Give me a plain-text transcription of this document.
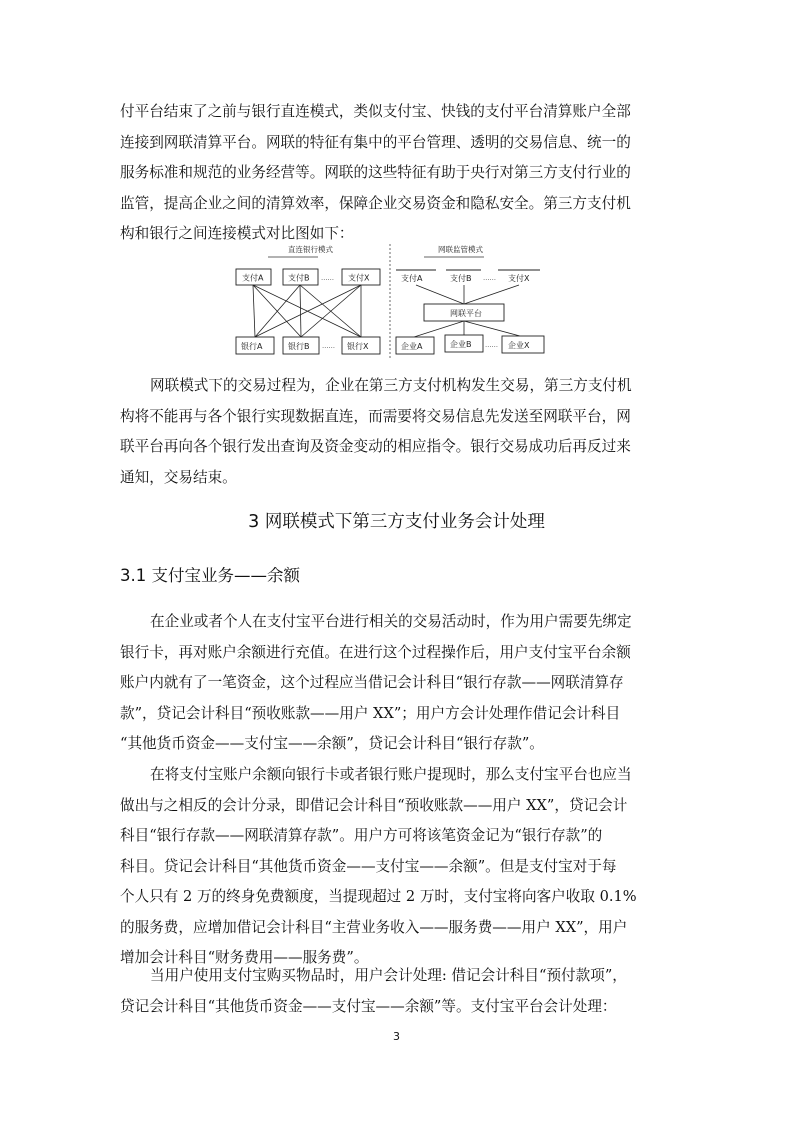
付平台结束了之前与银行直连模式，类似支付宝、快钱的支付平台清算账户全部
连接到网联清算平台。网联的特征有集中的平台管理、透明的交易信息、统一的
服务标准和规范的业务经营等。网联的这些特征有助于央行对第三方支付行业的
监管，提高企业之间的清算效率，保障企业交易资金和隐私安全。第三方支付机
构和银行之间连接模式对比图如下：

直连银行模式
支付A	支付B	支付X
……
银行A	银行B	银行X
……
网联监管模式
支付A	支付B	支付X
……
网联平台
企业A	企业B	企业X
……

网联模式下的交易过程为，企业在第三方支付机构发生交易，第三方支付机
构将不能再与各个银行实现数据直连，而需要将交易信息先发送至网联平台，网
联平台再向各个银行发出查询及资金变动的相应指令。银行交易成功后再反过来
通知，交易结束。

3 网联模式下第三方支付业务会计处理
3.1 支付宝业务——余额

在企业或者个人在支付宝平台进行相关的交易活动时，作为用户需要先绑定
银行卡，再对账户余额进行充值。在进行这个过程操作后，用户支付宝平台余额
账户内就有了一笔资金，这个过程应当借记会计科目“银行存款——网联清算存
款”，贷记会计科目“预收账款——用户 XX”；用户方会计处理作借记会计科目
“其他货币资金——支付宝——余额”，贷记会计科目“银行存款”。

在将支付宝账户余额向银行卡或者银行账户提现时，那么支付宝平台也应当
做出与之相反的会计分录，即借记会计科目“预收账款——用户 XX”，贷记会计
科目“银行存款——网联清算存款”。用户方可将该笔资金记为“银行存款”的
科目。贷记会计科目“其他货币资金——支付宝——余额”。但是支付宝对于每
个人只有 2 万的终身免费额度，当提现超过 2 万时，支付宝将向客户收取 0.1%
的服务费，应增加借记会计科目“主营业务收入——服务费——用户 XX”，用户
增加会计科目“财务费用——服务费”。

当用户使用支付宝购买物品时，用户会计处理: 借记会计科目“预付款项”，
贷记会计科目“其他货币资金——支付宝——余额”等。支付宝平台会计处理：

3
